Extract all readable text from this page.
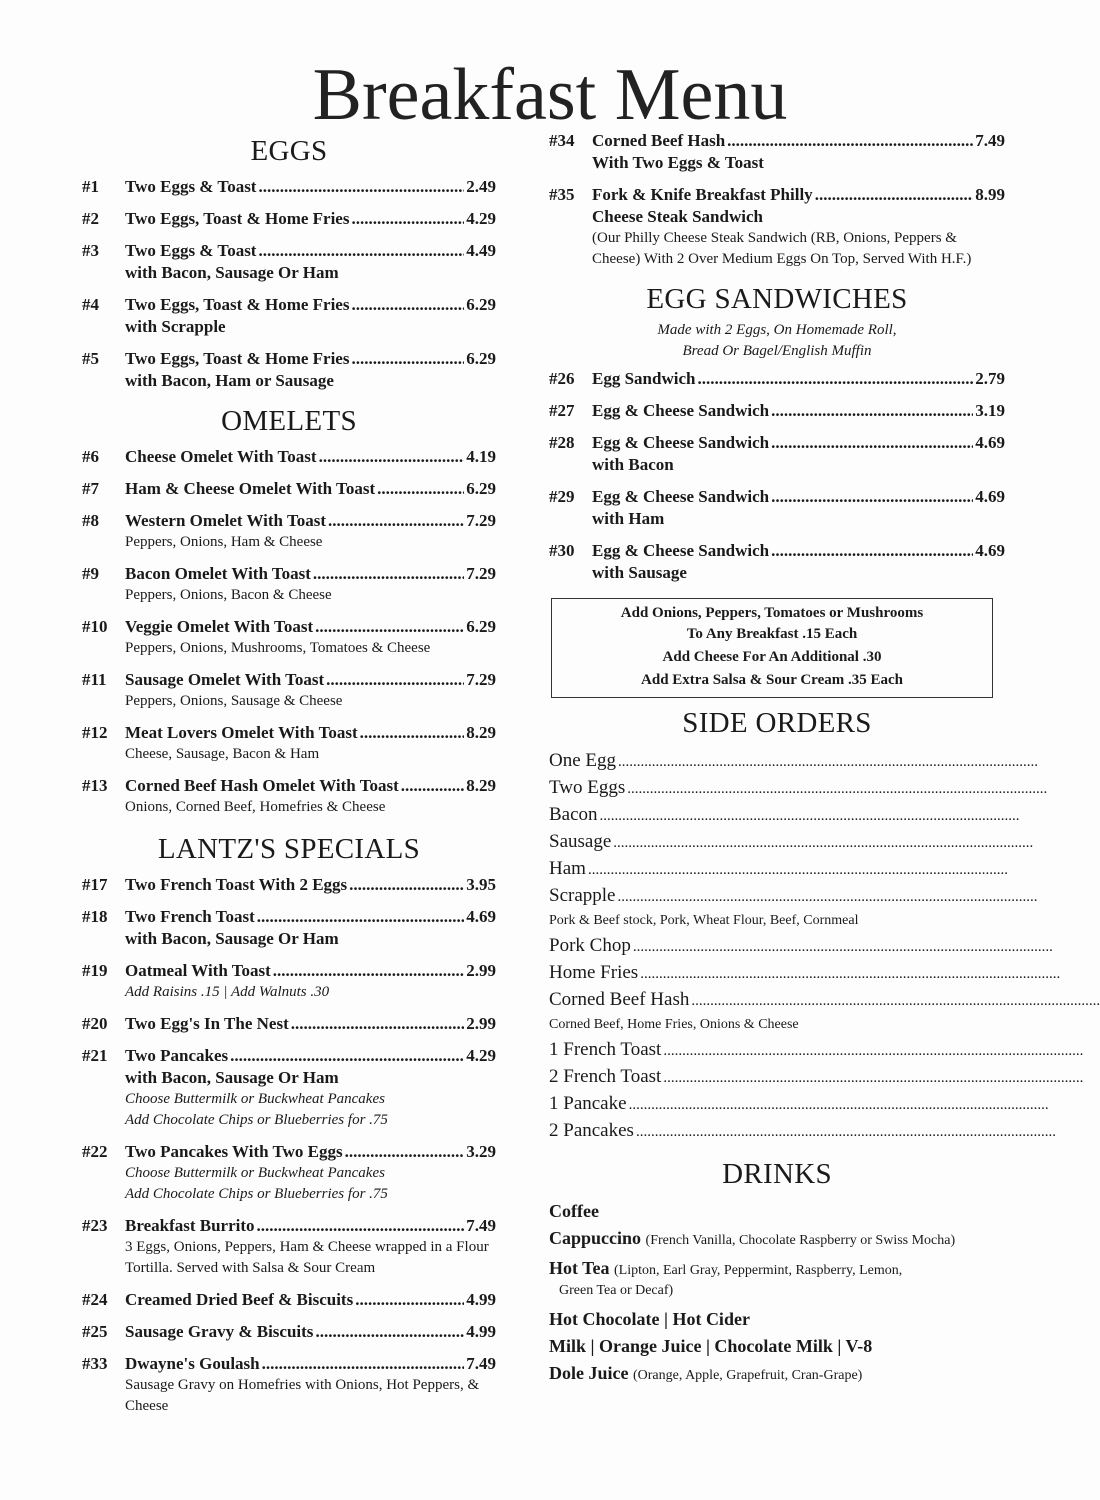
Breakfast Menu
EGGS
#1	Two Eggs & Toast .....	2.49
#2	Two Eggs, Toast & Home Fries .....	4.29
#3	Two Eggs & Toast .....	4.49
with Bacon, Sausage Or Ham
#4	Two Eggs, Toast & Home Fries .....	6.29
with Scrapple
#5	Two Eggs, Toast & Home Fries .....	6.29
with Bacon, Ham or Sausage
OMELETS
#6	Cheese Omelet With Toast .....	4.19
#7	Ham & Cheese Omelet With Toast .....	6.29
#8	Western Omelet With Toast .....	7.29
Peppers, Onions, Ham & Cheese
#9	Bacon Omelet With Toast .....	7.29
Peppers, Onions, Bacon & Cheese
#10	Veggie Omelet With Toast .....	6.29
Peppers, Onions, Mushrooms, Tomatoes & Cheese
#11	Sausage Omelet With Toast .....	7.29
Peppers, Onions, Sausage & Cheese
#12	Meat Lovers Omelet With Toast .....	8.29
Cheese, Sausage, Bacon & Ham
#13	Corned Beef Hash Omelet With Toast .....	8.29
Onions, Corned Beef, Homefries & Cheese
LANTZ'S SPECIALS
#17	Two French Toast With 2 Eggs .....	3.95
#18	Two French Toast .....	4.69
with Bacon, Sausage Or Ham
#19	Oatmeal With Toast .....	2.99
Add Raisins .15 | Add Walnuts .30
#20	Two Egg's In The Nest .....	2.99
#21	Two Pancakes .....	4.29
with Bacon, Sausage Or Ham
Choose Buttermilk or Buckwheat Pancakes
Add Chocolate Chips or Blueberries for .75
#22	Two Pancakes With Two Eggs .....	3.29
Choose Buttermilk or Buckwheat Pancakes
Add Chocolate Chips or Blueberries for .75
#23	Breakfast Burrito .....	7.49
3 Eggs, Onions, Peppers, Ham & Cheese wrapped in a Flour Tortilla. Served with Salsa & Sour Cream
#24	Creamed Dried Beef & Biscuits .....	4.99
#25	Sausage Gravy & Biscuits .....	4.99
#33	Dwayne's Goulash .....	7.49
Sausage Gravy on Homefries with Onions, Hot Peppers, & Cheese
#34	Corned Beef Hash .....	7.49
With Two Eggs & Toast
#35	Fork & Knife Breakfast Philly .....	8.99
Cheese Steak Sandwich
(Our Philly Cheese Steak Sandwich (RB, Onions, Peppers & Cheese) With 2 Over Medium Eggs On Top, Served With H.F.)
EGG SANDWICHES
Made with 2 Eggs, On Homemade Roll,
Bread Or Bagel/English Muffin
#26	Egg Sandwich .....	2.79
#27	Egg & Cheese Sandwich .....	3.19
#28	Egg & Cheese Sandwich .....	4.69
with Bacon
#29	Egg & Cheese Sandwich .....	4.69
with Ham
#30	Egg & Cheese Sandwich .....	4.69
with Sausage
Add Onions, Peppers, Tomatoes or Mushrooms
To Any Breakfast .15 Each
Add Cheese For An Additional .30
Add Extra Salsa & Sour Cream .35 Each
SIDE ORDERS
One Egg
.....
Two Eggs
.....
Bacon
.....
Sausage
.....
Ham
.....
Scrapple
.....
Pork & Beef stock, Pork, Wheat Flour, Beef, Cornmeal
Pork Chop
.....
Home Fries
.....
Corned Beef Hash
.....
Corned Beef, Home Fries, Onions & Cheese
1 French Toast
.....
2 French Toast
.....
1 Pancake
.....
2 Pancakes
.....
DRINKS
Coffee
Cappuccino (French Vanilla, Chocolate Raspberry or Swiss Mocha)
Hot Tea (Lipton, Earl Gray, Peppermint, Raspberry, Lemon,
Green Tea or Decaf)
Hot Chocolate | Hot Cider
Milk | Orange Juice | Chocolate Milk | V-8
Dole Juice (Orange, Apple, Grapefruit, Cran-Grape)
